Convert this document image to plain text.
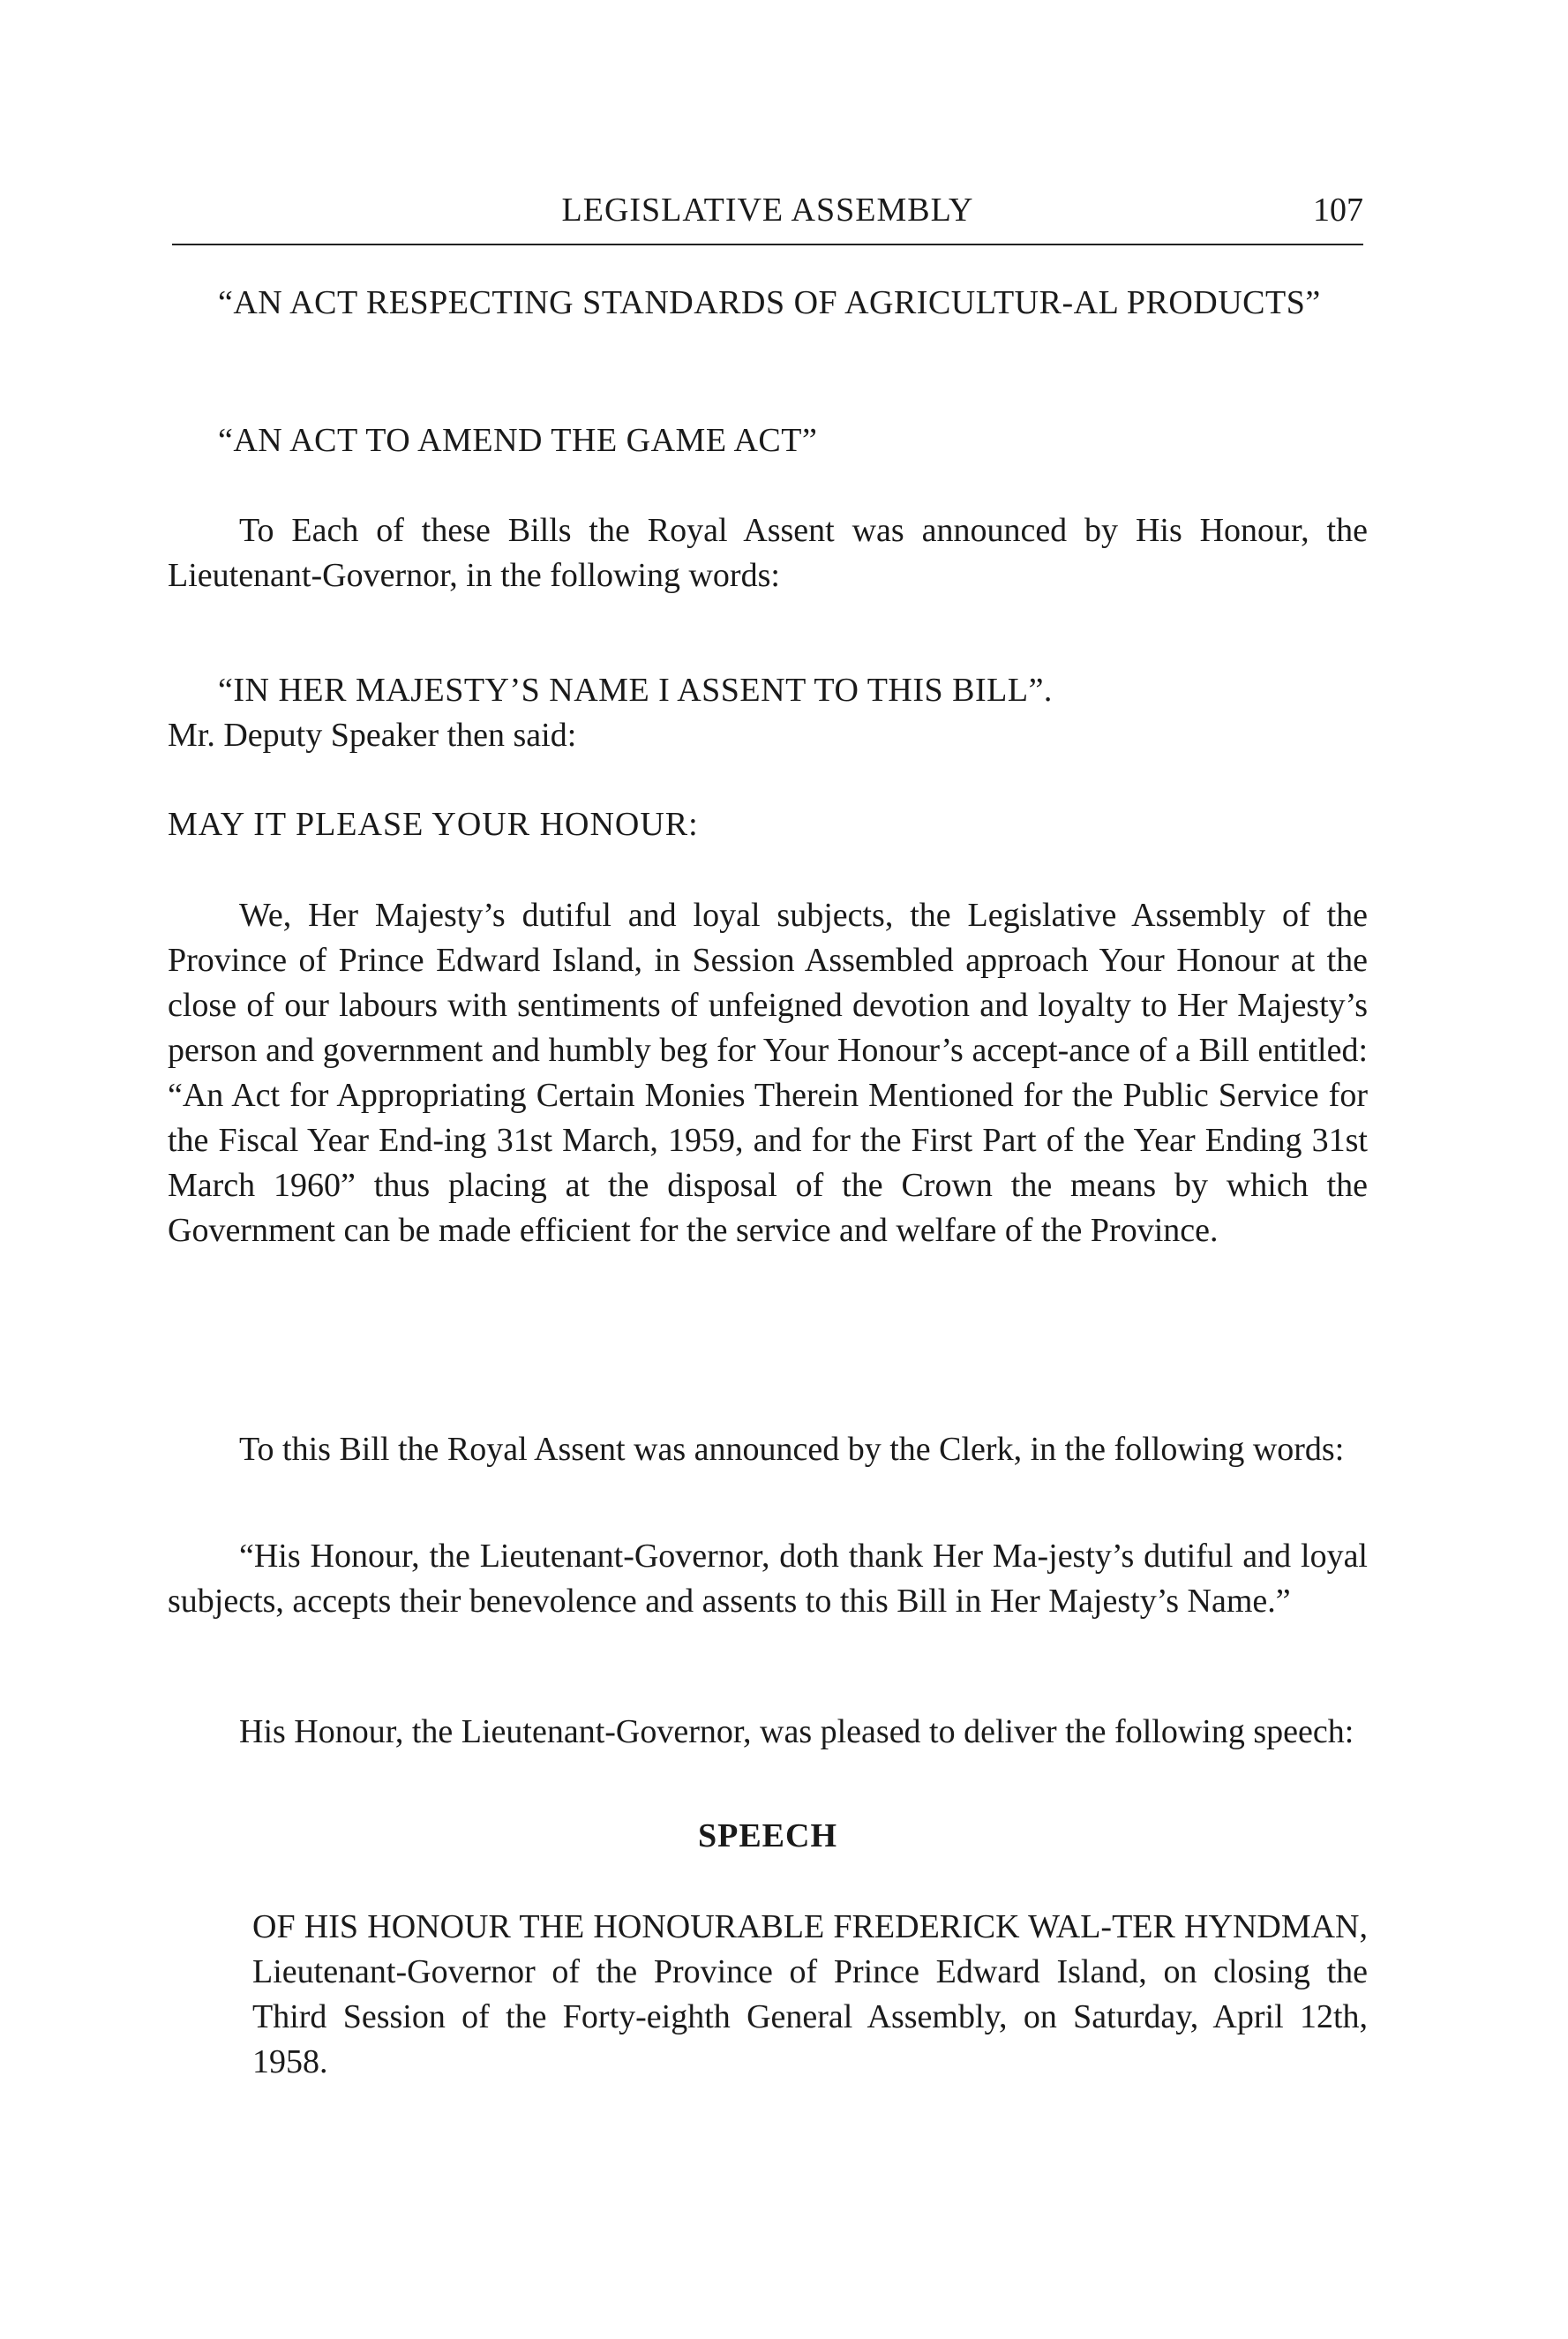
LEGISLATIVE ASSEMBLY	107

“AN ACT RESPECTING STANDARDS OF AGRICULTUR-AL PRODUCTS”

“AN ACT TO AMEND THE GAME ACT”

To Each of these Bills the Royal Assent was announced by His Honour, the Lieutenant-Governor, in the following words:

“IN HER MAJESTY’S NAME I ASSENT TO THIS BILL”.

Mr. Deputy Speaker then said:

MAY IT PLEASE YOUR HONOUR:

We, Her Majesty’s dutiful and loyal subjects, the Legislative Assembly of the Province of Prince Edward Island, in Session Assembled approach Your Honour at the close of our labours with sentiments of unfeigned devotion and loyalty to Her Majesty’s person and government and humbly beg for Your Honour’s accept-ance of a Bill entitled: “An Act for Appropriating Certain Monies Therein Mentioned for the Public Service for the Fiscal Year End-ing 31st March, 1959, and for the First Part of the Year Ending 31st March 1960” thus placing at the disposal of the Crown the means by which the Government can be made efficient for the service and welfare of the Province.

To this Bill the Royal Assent was announced by the Clerk, in the following words:

“His Honour, the Lieutenant-Governor, doth thank Her Ma-jesty’s dutiful and loyal subjects, accepts their benevolence and assents to this Bill in Her Majesty’s Name.”

His Honour, the Lieutenant-Governor, was pleased to deliver the following speech:

SPEECH

OF HIS HONOUR THE HONOURABLE FREDERICK WAL-TER HYNDMAN, Lieutenant-Governor of the Province of Prince Edward Island, on closing the Third Session of the Forty-eighth General Assembly, on Saturday, April 12th, 1958.
